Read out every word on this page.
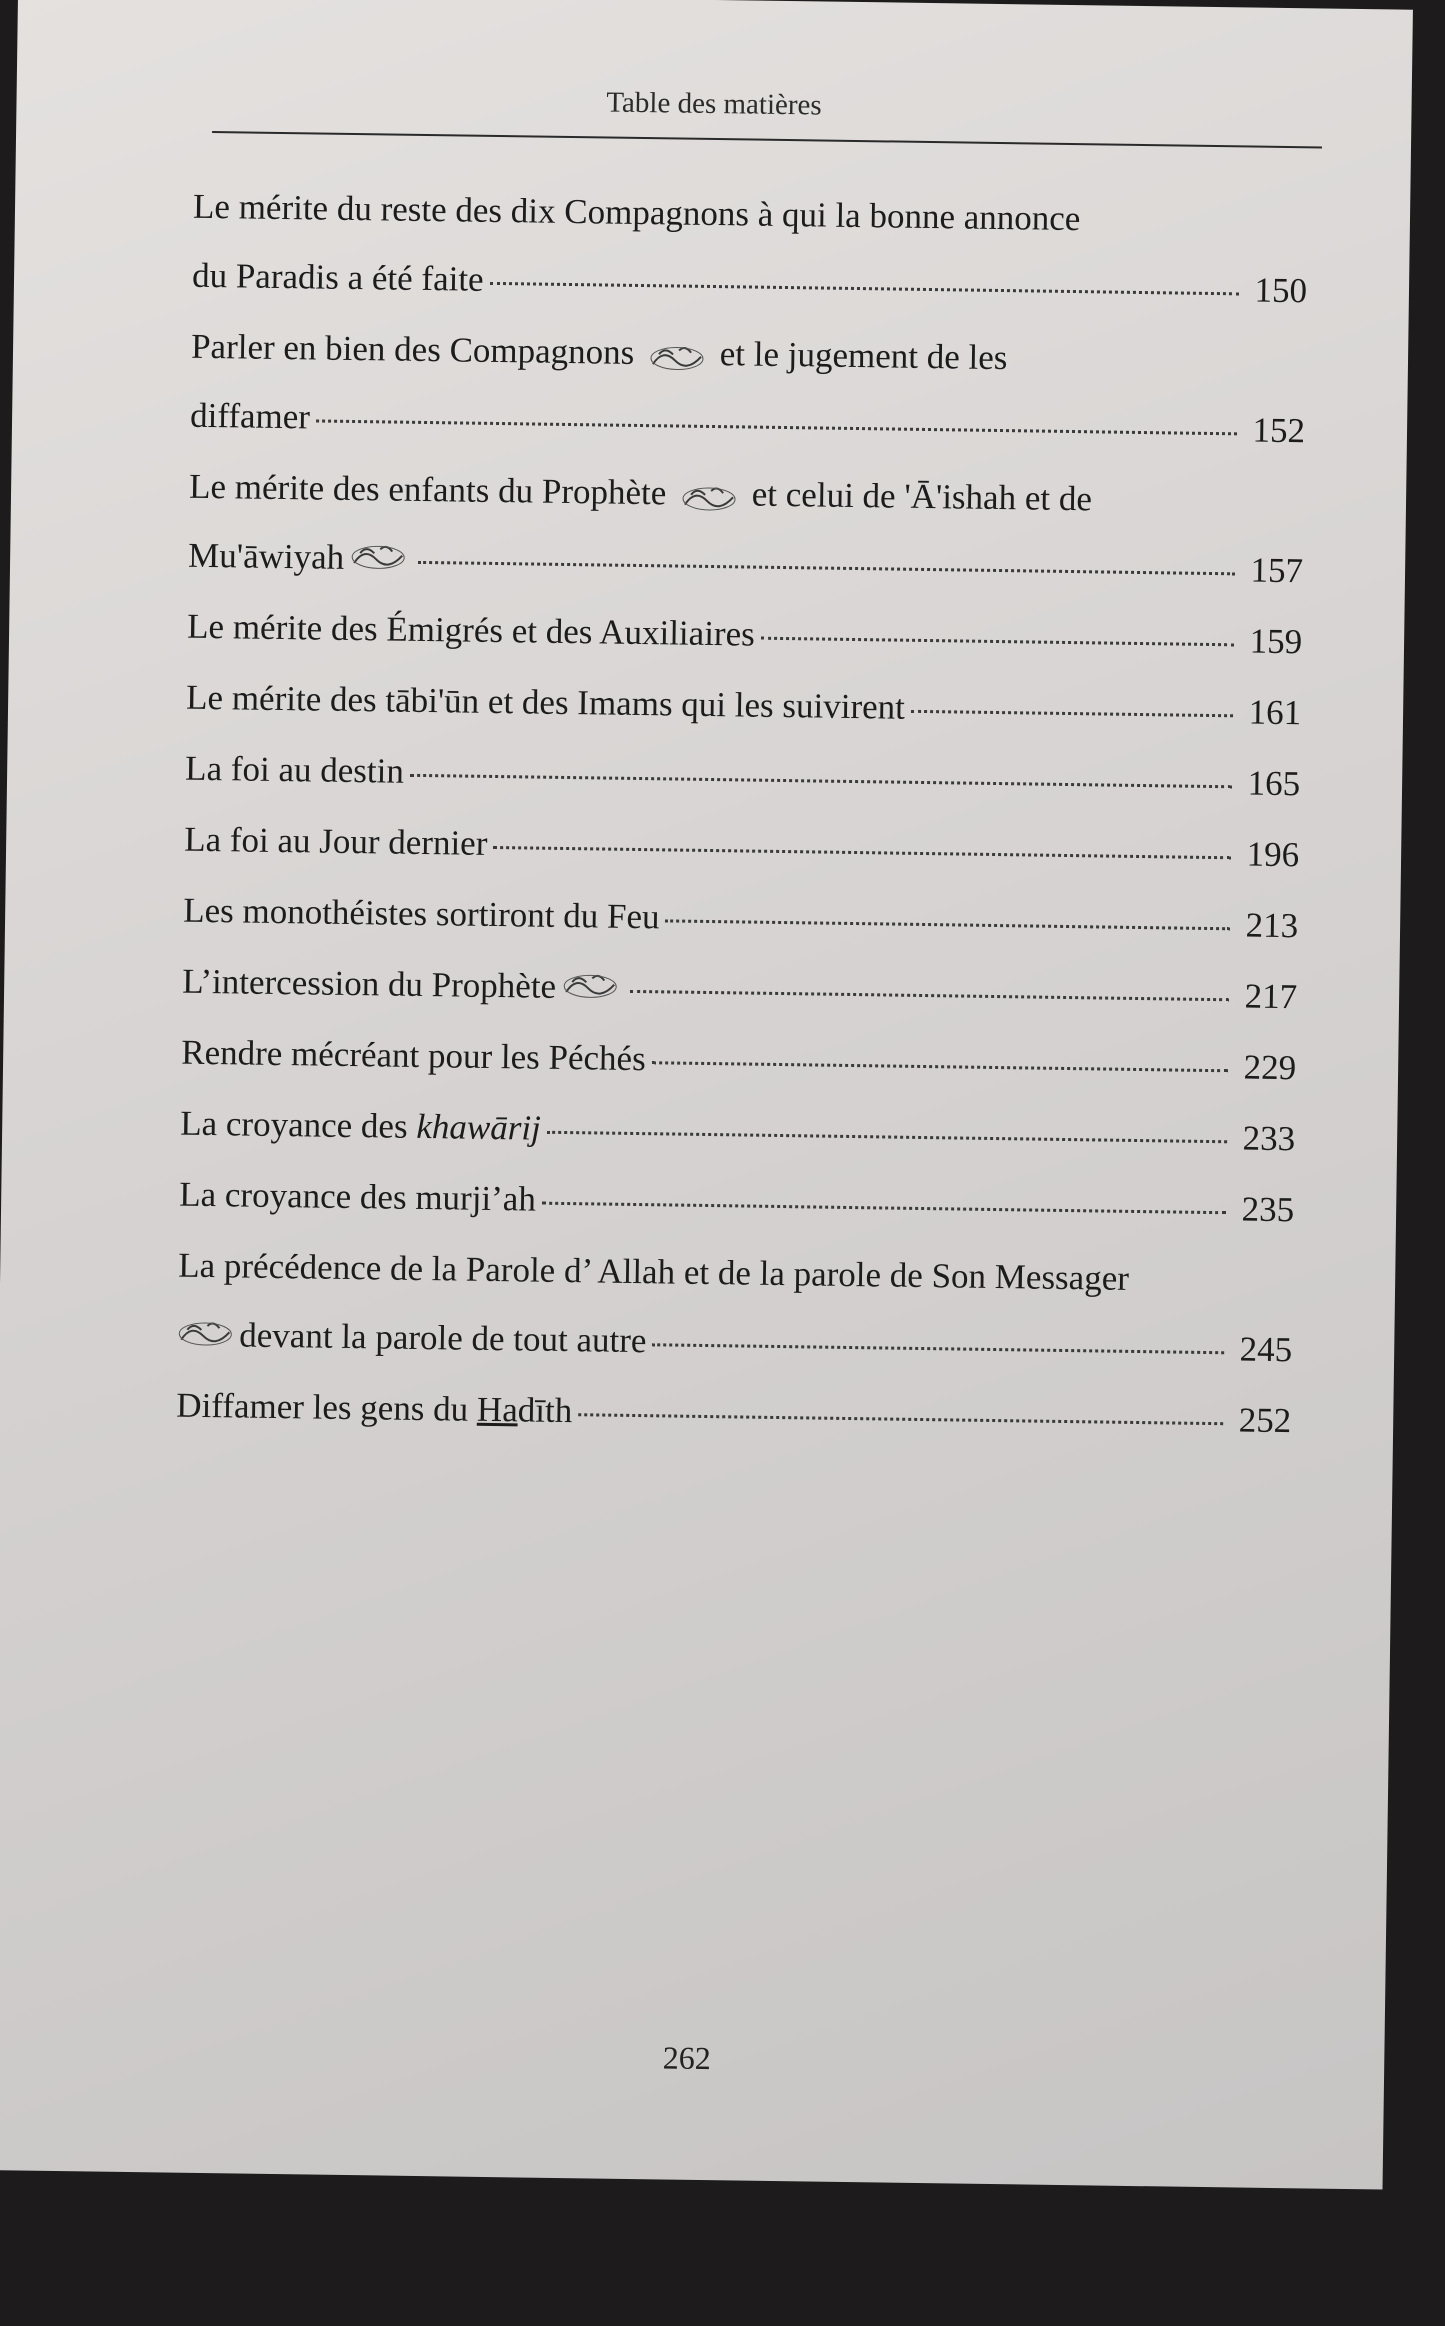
Table des matières
Le mérite du reste des dix Compagnons à qui la bonne annonce
du Paradis a été faite	150
Parler en bien des Compagnons et le jugement de les
diffamer	152
Le mérite des enfants du Prophète et celui de 'Ā'ishah et de
Mu'āwiyah	157
Le mérite des Émigrés et des Auxiliaires	159
Le mérite des tābi'ūn et des Imams qui les suivirent	161
La foi au destin	165
La foi au Jour dernier	196
Les monothéistes sortiront du Feu	213
L’intercession du Prophète	217
Rendre mécréant pour les Péchés	229
La croyance des khawārij	233
La croyance des murji’ah	235
La précédence de la Parole d’ Allah et de la parole de Son Messager
devant la parole de tout autre	245
Diffamer les gens du Hadīth	252
262
